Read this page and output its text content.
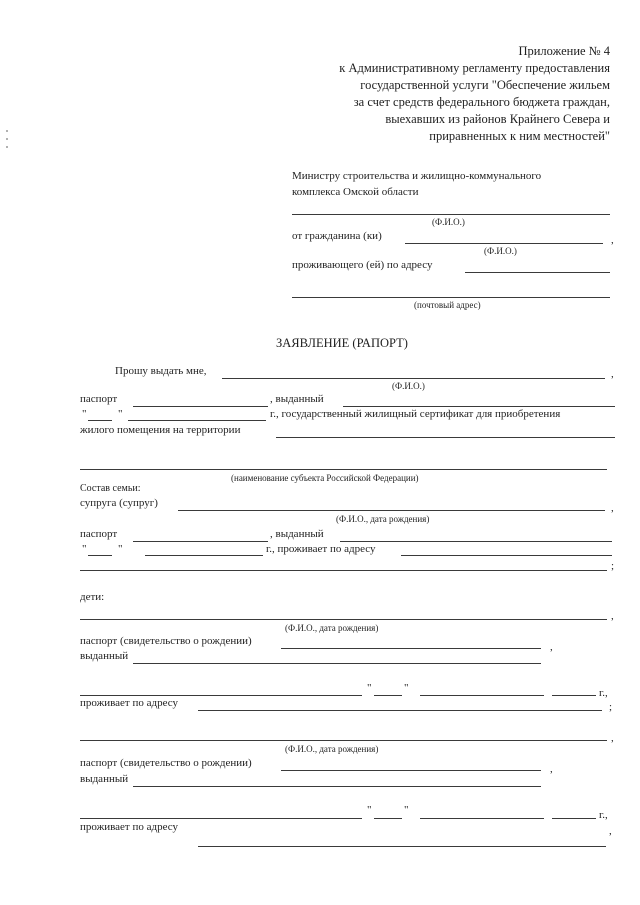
Приложение № 4
к Административному регламенту предоставления
государственной услуги "Обеспечение жильем
за счет средств федерального бюджета граждан,
выехавших из районов Крайнего Севера и
приравненных к ним местностей"
Министру строительства и жилищно-коммунального
комплекса Омской области
(Ф.И.О.)
от гражданина (ки)	,
(Ф.И.О.)
проживающего (ей) по адресу
(почтовый адрес)
ЗАЯВЛЕНИЕ (РАПОРТ)
Прошу выдать мне,	,
(Ф.И.О.)
паспорт	, выданный
"	"	г., государственный жилищный сертификат для приобретения
жилого помещения на территории
(наименование субъекта Российской Федерации)
Состав семьи:
супруга (супруг)	,
(Ф.И.О., дата рождения)
паспорт	, выданный
"	"	г., проживает по адресу
;
дети:
,
(Ф.И.О., дата рождения)
паспорт (свидетельство о рождении)	,
выданный
"	"	г.,
проживает по адресу	;
,
(Ф.И.О., дата рождения)
паспорт (свидетельство о рождении)	,
выданный
"	"	г.,
проживает по адресу	,
